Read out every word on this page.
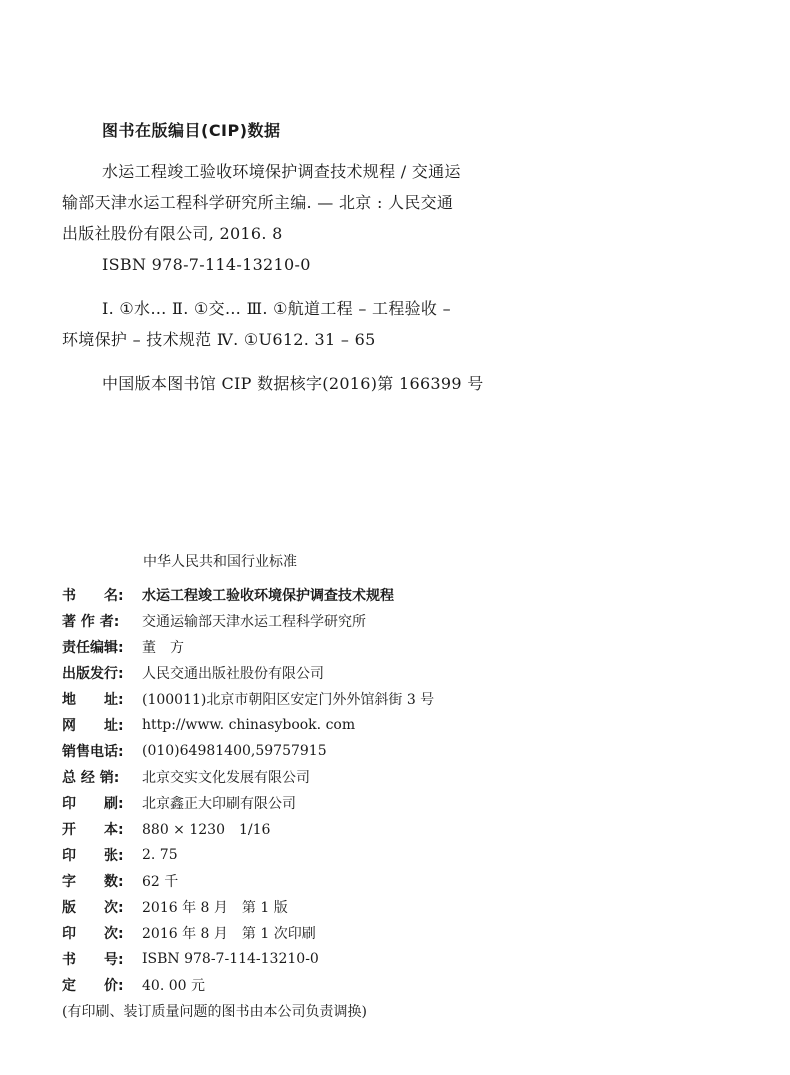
图书在版编目(CIP)数据
水运工程竣工验收环境保护调查技术规程 / 交通运
输部天津水运工程科学研究所主编. — 北京 : 人民交通
出版社股份有限公司, 2016. 8
ISBN 978-7-114-13210-0
Ⅰ. ①水… Ⅱ. ①交… Ⅲ. ①航道工程 – 工程验收 –
环境保护 – 技术规范 Ⅳ. ①U612. 31 – 65
中国版本图书馆 CIP 数据核字(2016)第 166399 号
中华人民共和国行业标准
书　　名:	水运工程竣工验收环境保护调查技术规程
著 作 者:	交通运输部天津水运工程科学研究所
责任编辑:	董　方
出版发行:	人民交通出版社股份有限公司
地　　址:	(100011)北京市朝阳区安定门外外馆斜街 3 号
网　　址:	http://www. chinasybook. com
销售电话:	(010)64981400,59757915
总 经 销:	北京交实文化发展有限公司
印　　刷:	北京鑫正大印刷有限公司
开　　本:	880 × 1230　1/16
印　　张:	2. 75
字　　数:	62 千
版　　次:	2016 年 8 月　第 1 版
印　　次:	2016 年 8 月　第 1 次印刷
书　　号:	ISBN 978-7-114-13210-0
定　　价:	40. 00 元
(有印刷、装订质量问题的图书由本公司负责调换)
